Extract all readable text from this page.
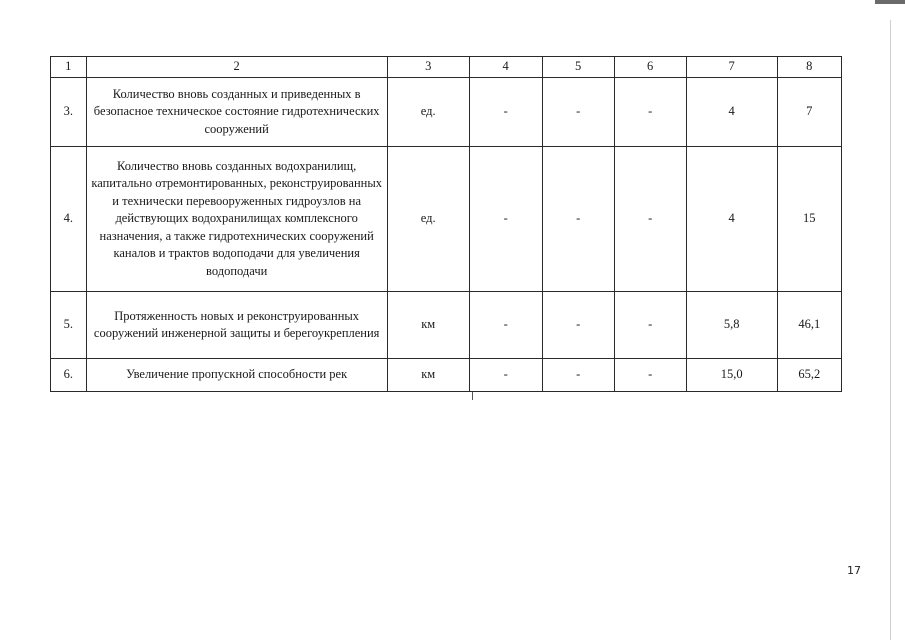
1	2	3	4	5	6	7	8
3.	Количество вновь созданных и приведенных в безопасное техническое состояние гидротехнических сооружений	ед.	-	-	-	4	7
4.	Количество вновь созданных водохранилищ, капитально отремонтированных, реконструированных и технически перевооруженных гидроузлов на действующих водохранилищах комплексного назначения, а также гидротехнических сооружений каналов и трактов водоподачи для увеличения водоподачи	ед.	-	-	-	4	15
5.	Протяженность новых и реконструированных сооружений инженерной защиты и берегоукрепления	км	-	-	-	5,8	46,1
6.	Увеличение пропускной способности рек	км	-	-	-	15,0	65,2
17
